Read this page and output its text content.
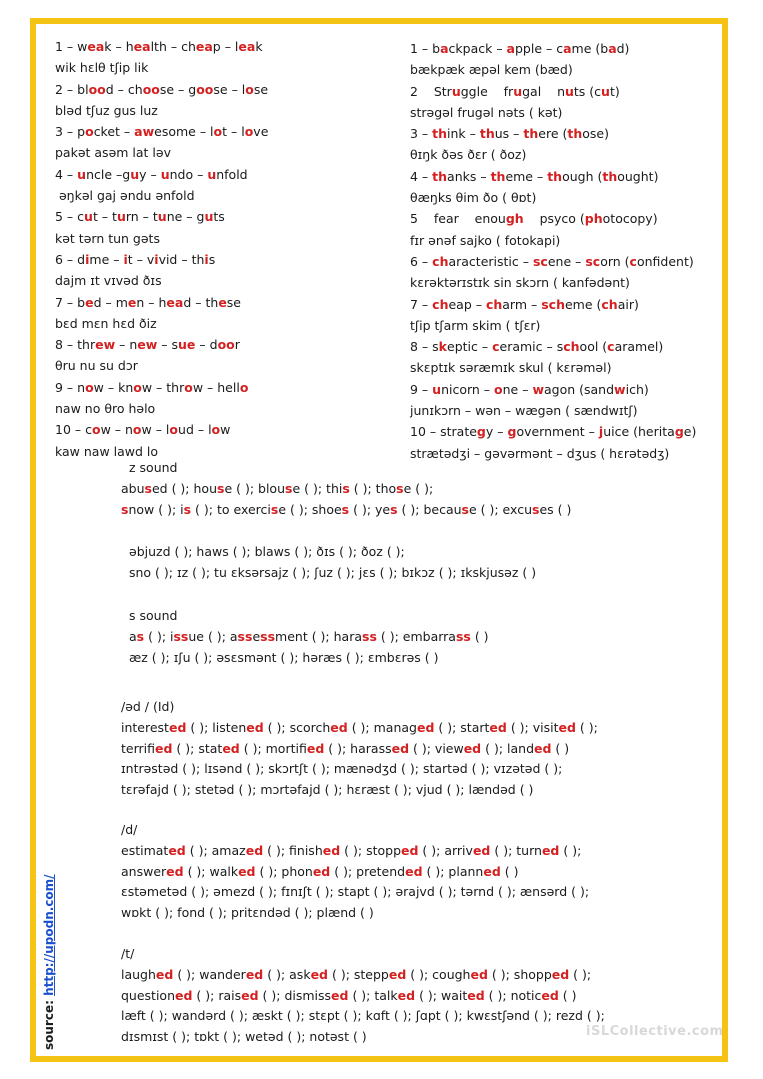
1 – weak – health – cheap – leak
wik hɛlθ tʃip lik
2 – blood – choose – goose – lose
bləd tʃuz gus luz
3 – pocket – awesome – lot – love
pakət asəm lat ləv
4 – uncle –guy – undo – unfold
əŋkəl gaj əndu ənfold
5 – cut – turn – tune – guts
kət tərn tun gəts
6 – dime – it – vivid – this
dajm ɪt vɪvəd ðɪs
7 – bed – men – head – these
bɛd mɛn hɛd ðiz
8 – threw – new – sue – door
θru nu su dɔr
9 – now – know – throw – hello
naw no θro həlo
10 – cow – now – loud – low
kaw naw lawd lo
1 – backpack – apple – came (bad)
bækpæk æpəl kem (bæd)
2    Struggle    frugal    nuts (cut)
strəgəl frugəl nəts ( kət)
3 – think – thus – there (those)
θɪŋk ðəs ðɛr ( ðoz)
4 – thanks – theme – though (thought)
θæŋks θim ðo ( θɒt)
5    fear    enough    psyco (photocopy)
fɪr ənəf sajko ( fotokapi)
6 – characteristic – scene – scorn (confident)
kɛrəktərɪstɪk sin skɔrn ( kanfədənt)
7 – cheap – charm – scheme (chair)
tʃip tʃarm skim ( tʃɛr)
8 – skeptic – ceramic – school (caramel)
skɛptɪk səræmɪk skul ( kɛrəməl)
9 – unicorn – one – wagon (sandwich)
junɪkɔrn – wən – wægən ( sændwɪtʃ)
10 – strategy – government – juice (heritage)
strætədʒi – gəvərmənt – dʒus ( hɛrətədʒ)
z sound
abused ( ); house ( ); blouse ( ); this ( ); those ( );
snow ( ); is ( ); to exercise ( ); shoes ( ); yes ( ); because ( ); excuses ( )
əbjuzd ( ); haws ( ); blaws ( ); ðɪs ( ); ðoz ( );
sno ( ); ɪz ( ); tu ɛksərsajz ( ); ʃuz ( ); jɛs ( ); bɪkɔz ( ); ɪkskjusəz ( )
s sound
as ( ); issue ( ); assessment ( ); harass ( ); embarrass ( )
æz ( ); ɪʃu ( ); əsɛsmənt ( ); həræs ( ); ɛmbɛrəs ( )
/əd / (Id)
interested ( ); listened ( ); scorched ( ); managed ( ); started ( ); visited ( );
terrified ( ); stated ( ); mortified ( ); harassed ( ); viewed ( ); landed ( )
ɪntrəstəd ( ); lɪsənd ( ); skɔrtʃt ( ); mænədʒd ( ); startəd ( ); vɪzətəd ( );
tɛrəfajd ( ); stetəd ( ); mɔrtəfajd ( ); hɛræst ( ); vjud ( ); lændəd ( )
/d/
estimated ( ); amazed ( ); finished ( ); stopped ( ); arrived ( ); turned ( );
answered ( ); walked ( ); phoned ( ); pretended ( ); planned ( )
ɛstəmetəd ( ); əmezd ( ); fɪnɪʃt ( ); stapt ( ); ərajvd ( ); tərnd ( ); ænsərd ( );
wɒkt ( ); fond ( ); pritɛndəd ( ); plænd ( )
/t/
laughed ( ); wandered ( ); asked ( ); stepped ( ); coughed ( ); shopped ( );
questioned ( ); raised ( ); dismissed ( ); talked ( ); waited ( ); noticed ( )
læft ( ); wandərd ( ); æskt ( ); stɛpt ( ); kɑft ( ); ʃɑpt ( ); kwɛstʃənd ( ); rezd ( );
dɪsmɪst ( ); tɒkt ( ); wetəd ( ); notəst ( )
source: http://upodn.com/
iSLCollective.com
